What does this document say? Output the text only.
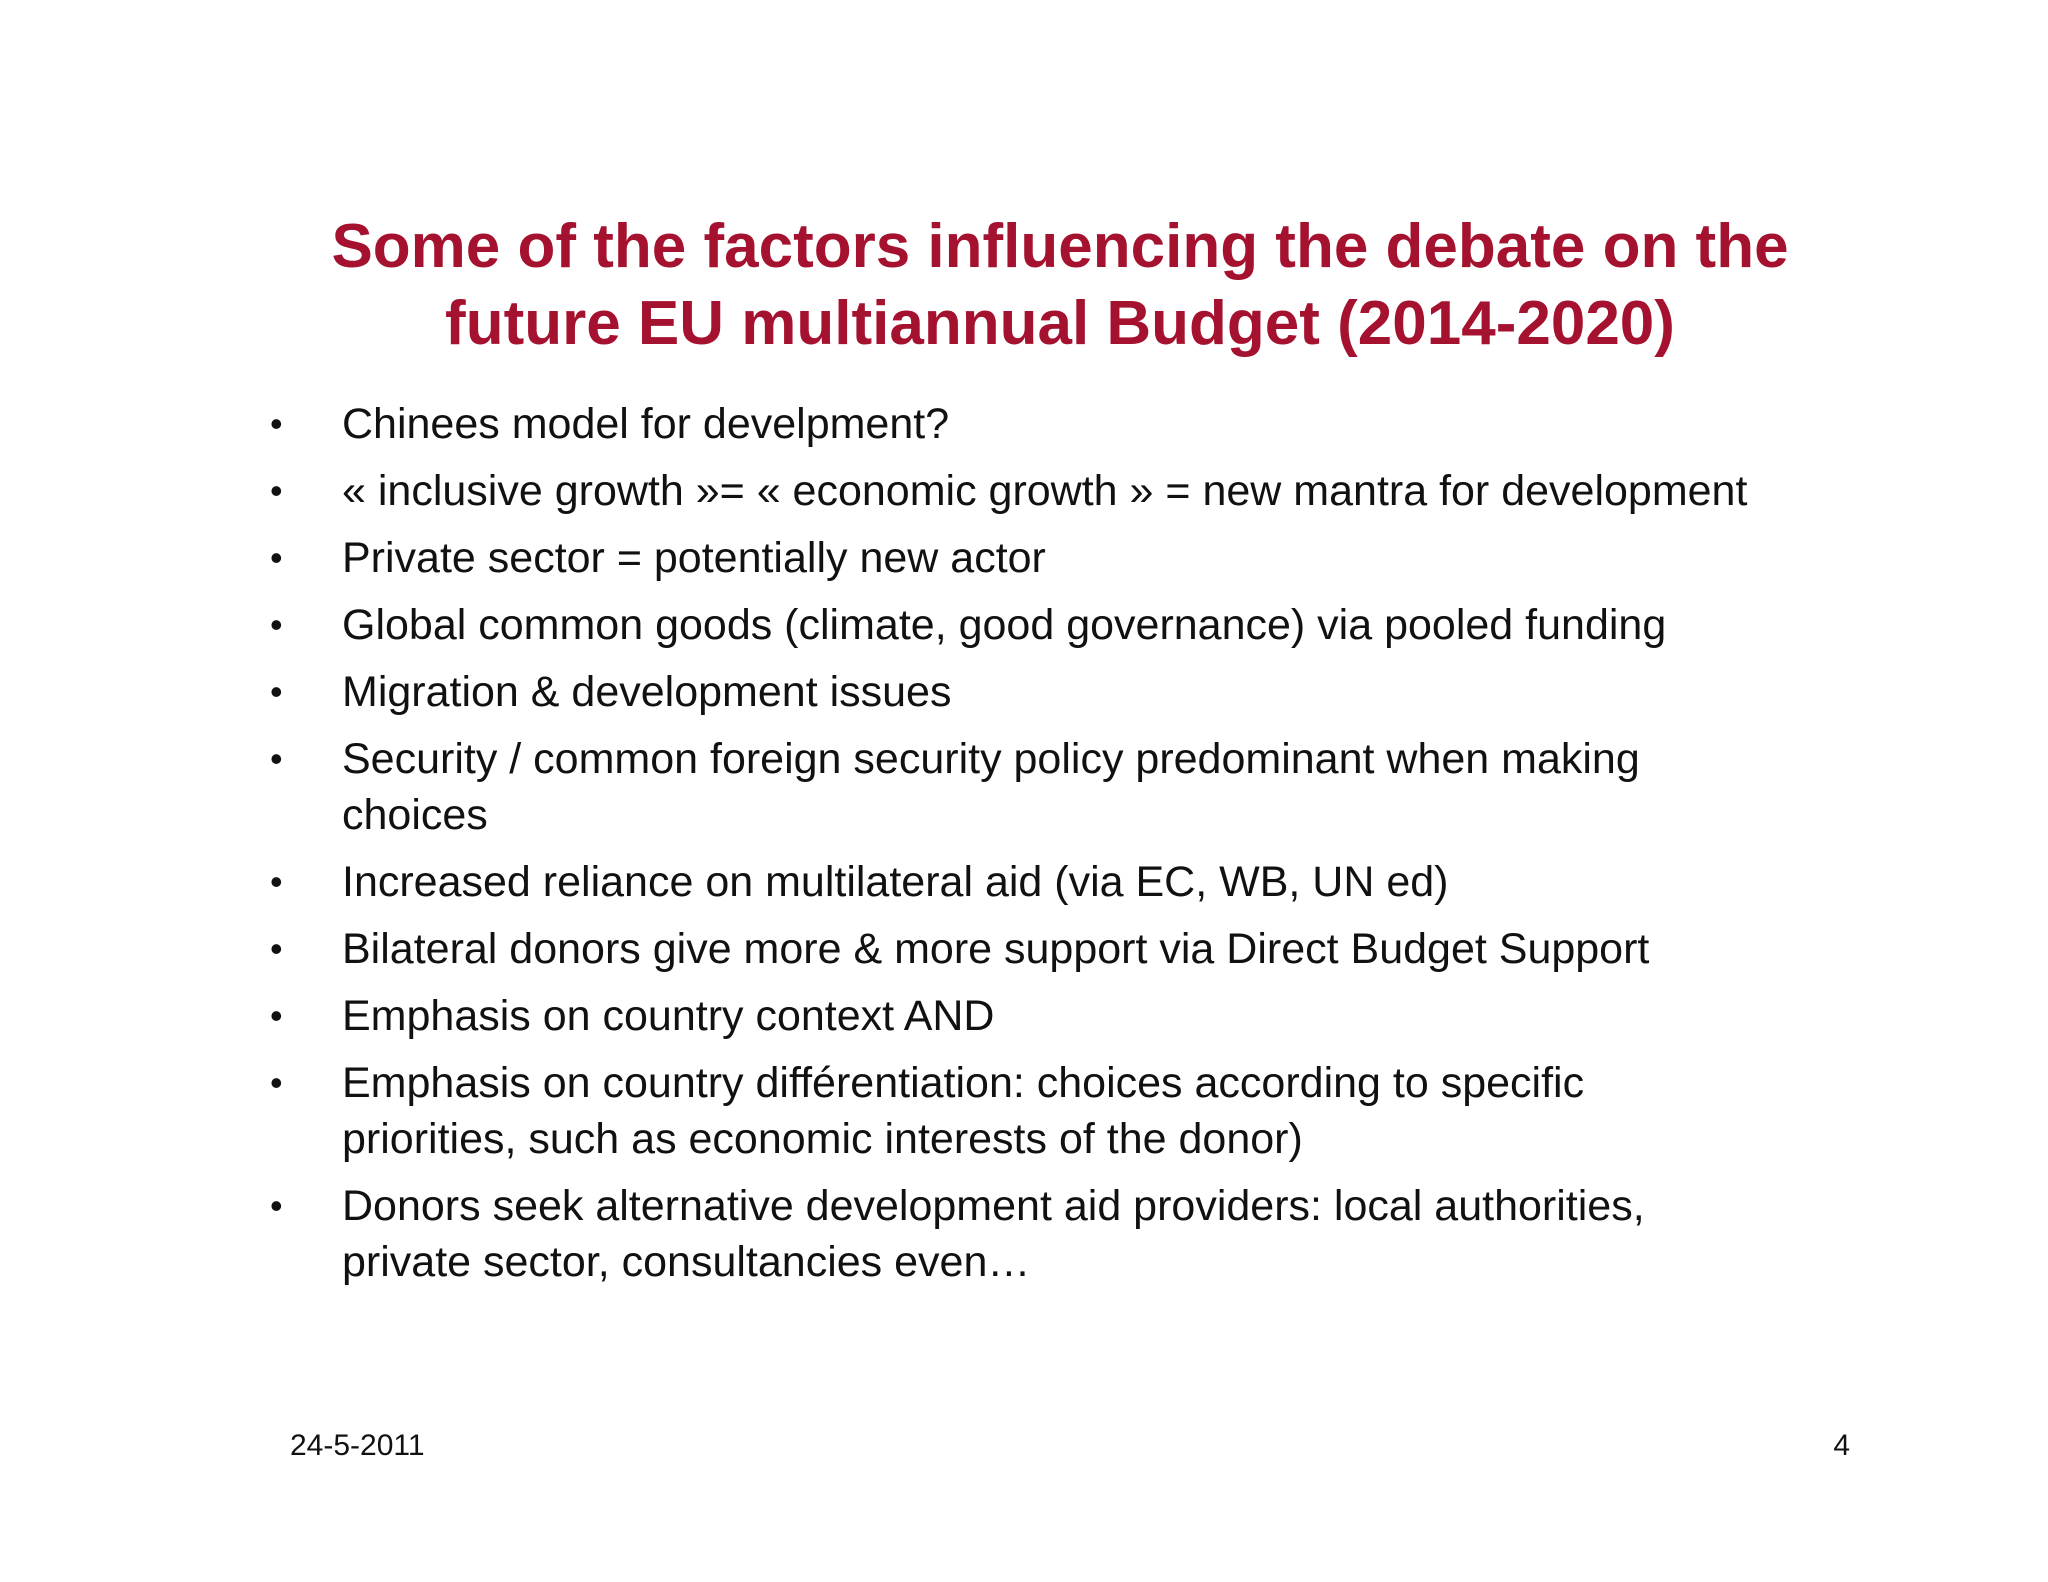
Some of the factors influencing the debate on the
future EU multiannual Budget (2014-2020)
•	Chinees model for develpment?
•	« inclusive growth »= « economic growth » = new mantra for development
•	Private sector = potentially new actor
•	Global common goods (climate, good governance) via pooled funding
•	Migration & development issues
•	Security / common foreign security policy predominant when making
choices
•	Increased reliance on multilateral aid (via EC, WB, UN ed)
•	Bilateral donors give more & more support via Direct Budget Support
•	Emphasis on country context AND
•	Emphasis on country différentiation: choices according to specific
priorities, such as economic interests of the donor)
•	Donors seek alternative development aid providers: local authorities,
private sector, consultancies even…
24-5-2011	4
